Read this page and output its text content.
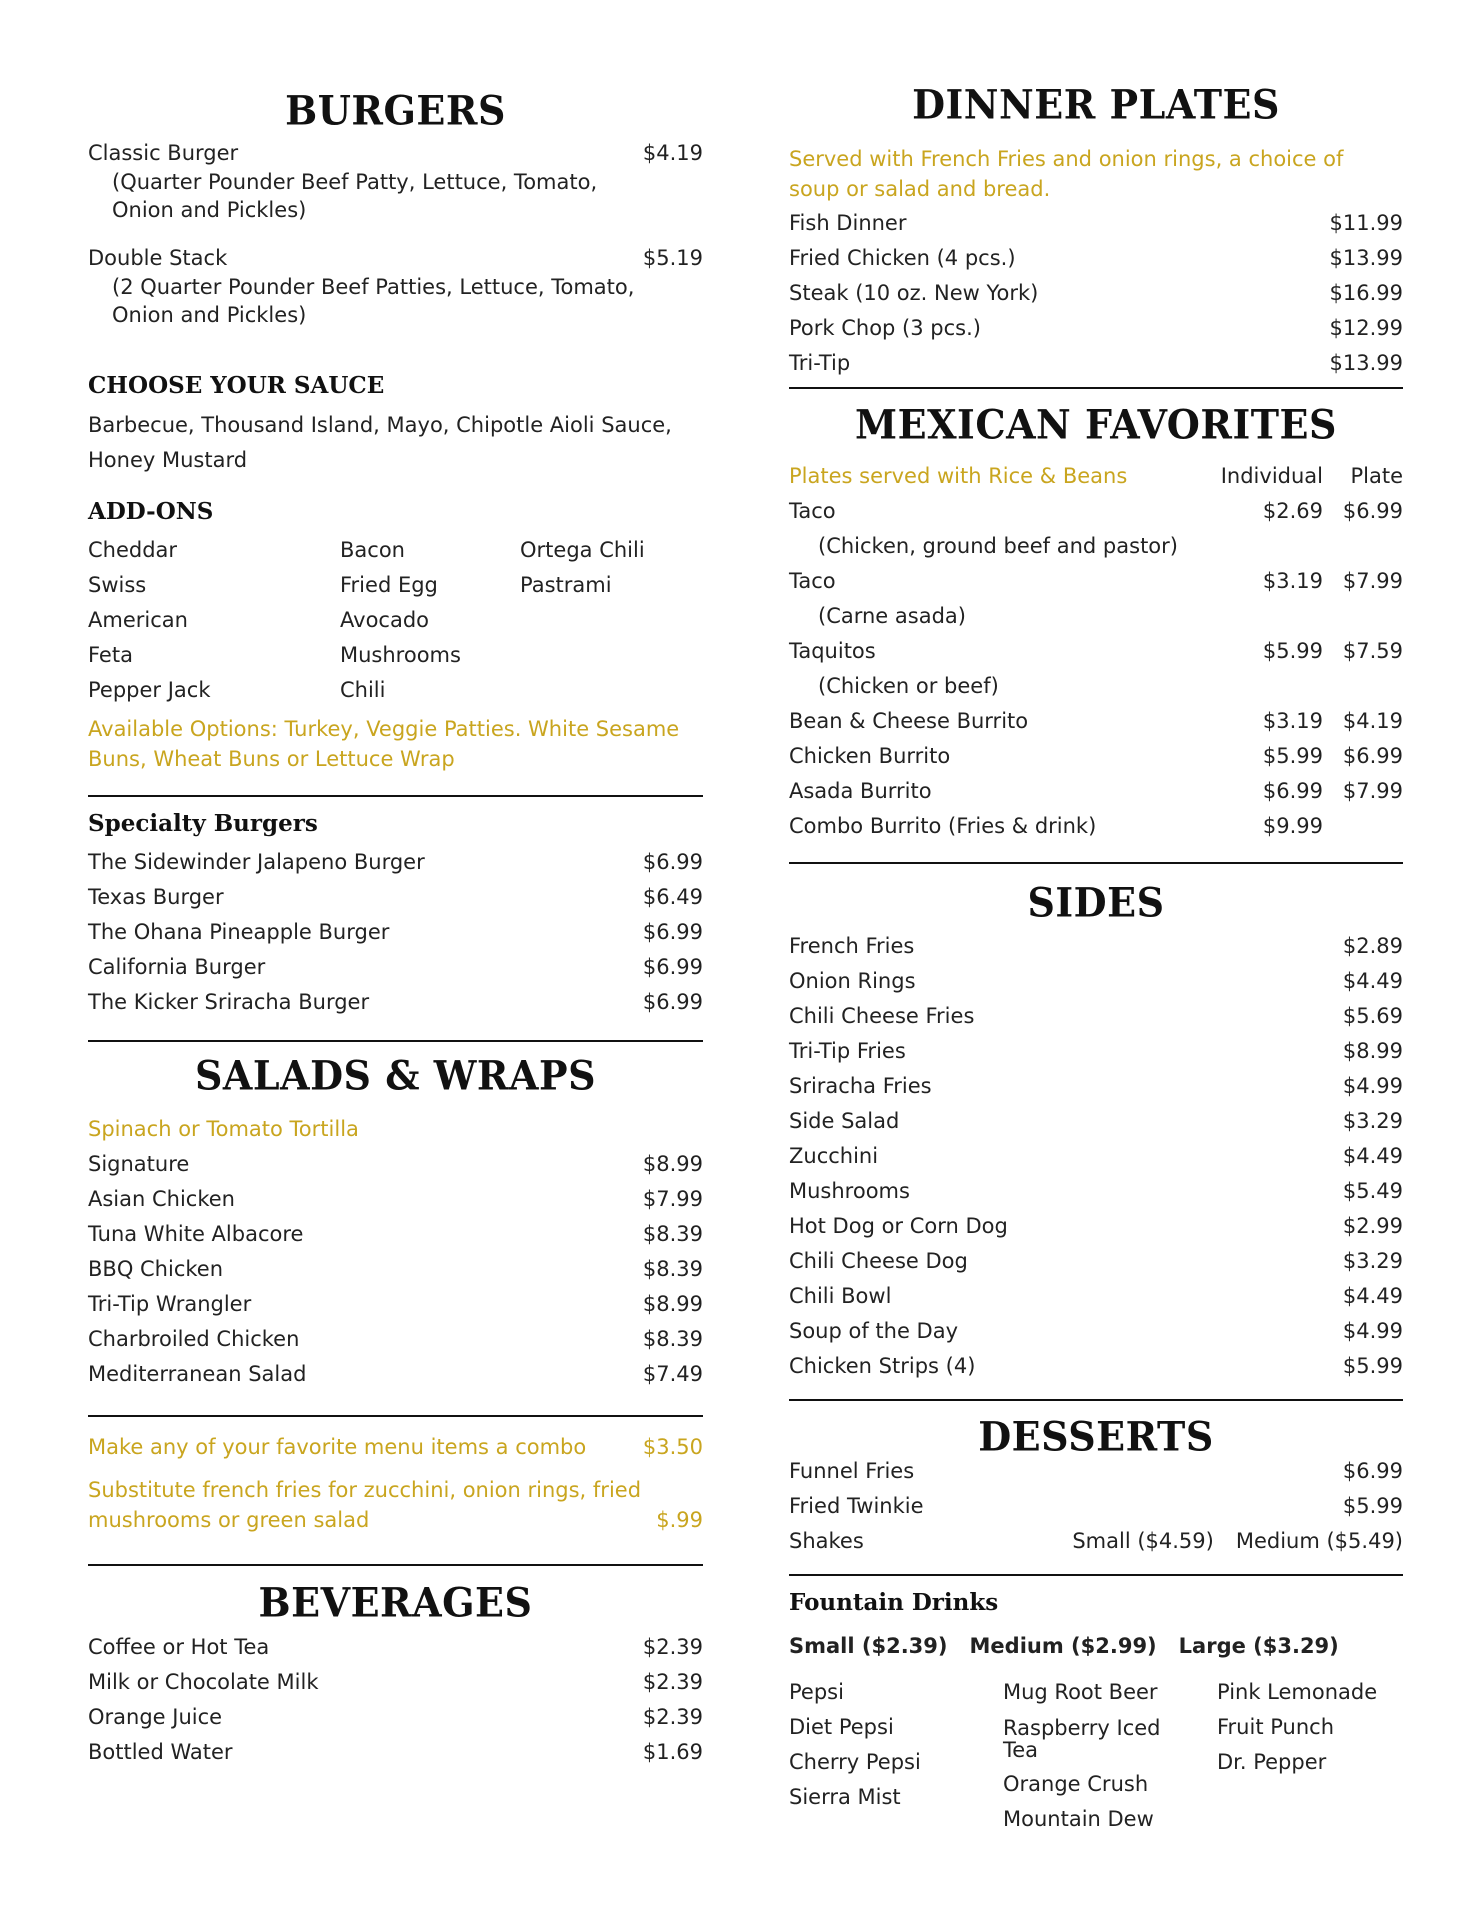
BURGERS
Classic Burger	$4.19
(Quarter Pounder Beef Patty, Lettuce, Tomato, Onion and Pickles)
Double Stack	$5.19
(2 Quarter Pounder Beef Patties, Lettuce, Tomato, Onion and Pickles)
CHOOSE YOUR SAUCE
Barbecue, Thousand Island, Mayo, Chipotle Aioli Sauce, Honey Mustard
ADD-ONS
Cheddar
Swiss
American
Feta
Pepper Jack
Bacon
Fried Egg
Avocado
Mushrooms
Chili
Ortega Chili
Pastrami
Available Options: Turkey, Veggie Patties. White Sesame Buns, Wheat Buns or Lettuce Wrap
Specialty Burgers
The Sidewinder Jalapeno Burger	$6.99
Texas Burger	$6.49
The Ohana Pineapple Burger	$6.99
California Burger	$6.99
The Kicker Sriracha Burger	$6.99
SALADS & WRAPS
Spinach or Tomato Tortilla
Signature	$8.99
Asian Chicken	$7.99
Tuna White Albacore	$8.39
BBQ Chicken	$8.39
Tri-Tip Wrangler	$8.99
Charbroiled Chicken	$8.39
Mediterranean Salad	$7.49
Make any of your favorite menu items a combo	$3.50
Substitute french fries for zucchini, onion rings, fried
mushrooms or green salad	$.99
BEVERAGES
Coffee or Hot Tea	$2.39
Milk or Chocolate Milk	$2.39
Orange Juice	$2.39
Bottled Water	$1.69
DINNER PLATES
Served with French Fries and onion rings, a choice of soup or salad and bread.
Fish Dinner	$11.99
Fried Chicken (4 pcs.)	$13.99
Steak (10 oz. New York)	$16.99
Pork Chop (3 pcs.)	$12.99
Tri-Tip	$13.99
MEXICAN FAVORITES
Plates served with Rice & Beans	Individual	Plate
Taco	$2.69 $6.99
(Chicken, ground beef and pastor)
Taco	$3.19 $7.99
(Carne asada)
Taquitos	$5.99 $7.59
(Chicken or beef)
Bean & Cheese Burrito	$3.19 $4.19
Chicken Burrito	$5.99 $6.99
Asada Burrito	$6.99 $7.99
Combo Burrito (Fries & drink)	$9.99
SIDES
French Fries	$2.89
Onion Rings	$4.49
Chili Cheese Fries	$5.69
Tri-Tip Fries	$8.99
Sriracha Fries	$4.99
Side Salad	$3.29
Zucchini	$4.49
Mushrooms	$5.49
Hot Dog or Corn Dog	$2.99
Chili Cheese Dog	$3.29
Chili Bowl	$4.49
Soup of the Day	$4.99
Chicken Strips (4)	$5.99
DESSERTS
Funnel Fries	$6.99
Fried Twinkie	$5.99
Shakes	Small ($4.59) Medium ($5.49)
Fountain Drinks
Small ($2.39) Medium ($2.99) Large ($3.29)
Pepsi
Diet Pepsi
Cherry Pepsi
Sierra Mist
Mug Root Beer
Raspberry Iced Tea
Orange Crush
Mountain Dew
Pink Lemonade
Fruit Punch
Dr. Pepper
